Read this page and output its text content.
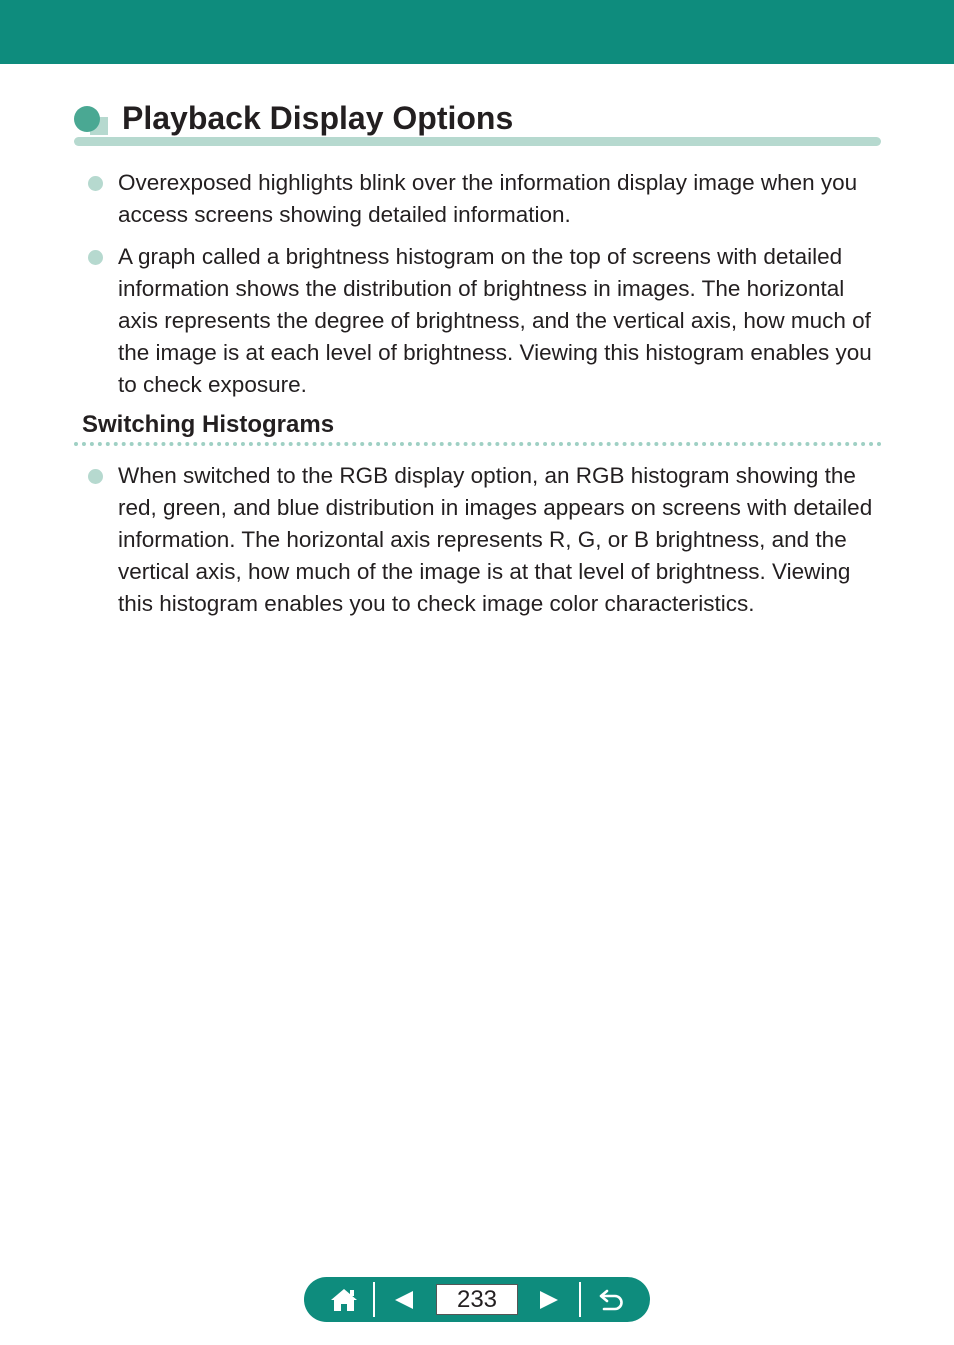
Playback Display Options
Overexposed highlights blink over the information display image when you access screens showing detailed information.
A graph called a brightness histogram on the top of screens with detailed information shows the distribution of brightness in images. The horizontal axis represents the degree of brightness, and the vertical axis, how much of the image is at each level of brightness. Viewing this histogram enables you to check exposure.
Switching Histograms
When switched to the RGB display option, an RGB histogram showing the red, green, and blue distribution in images appears on screens with detailed information. The horizontal axis represents R, G, or B brightness, and the vertical axis, how much of the image is at that level of brightness. Viewing this histogram enables you to check image color characteristics.
233
